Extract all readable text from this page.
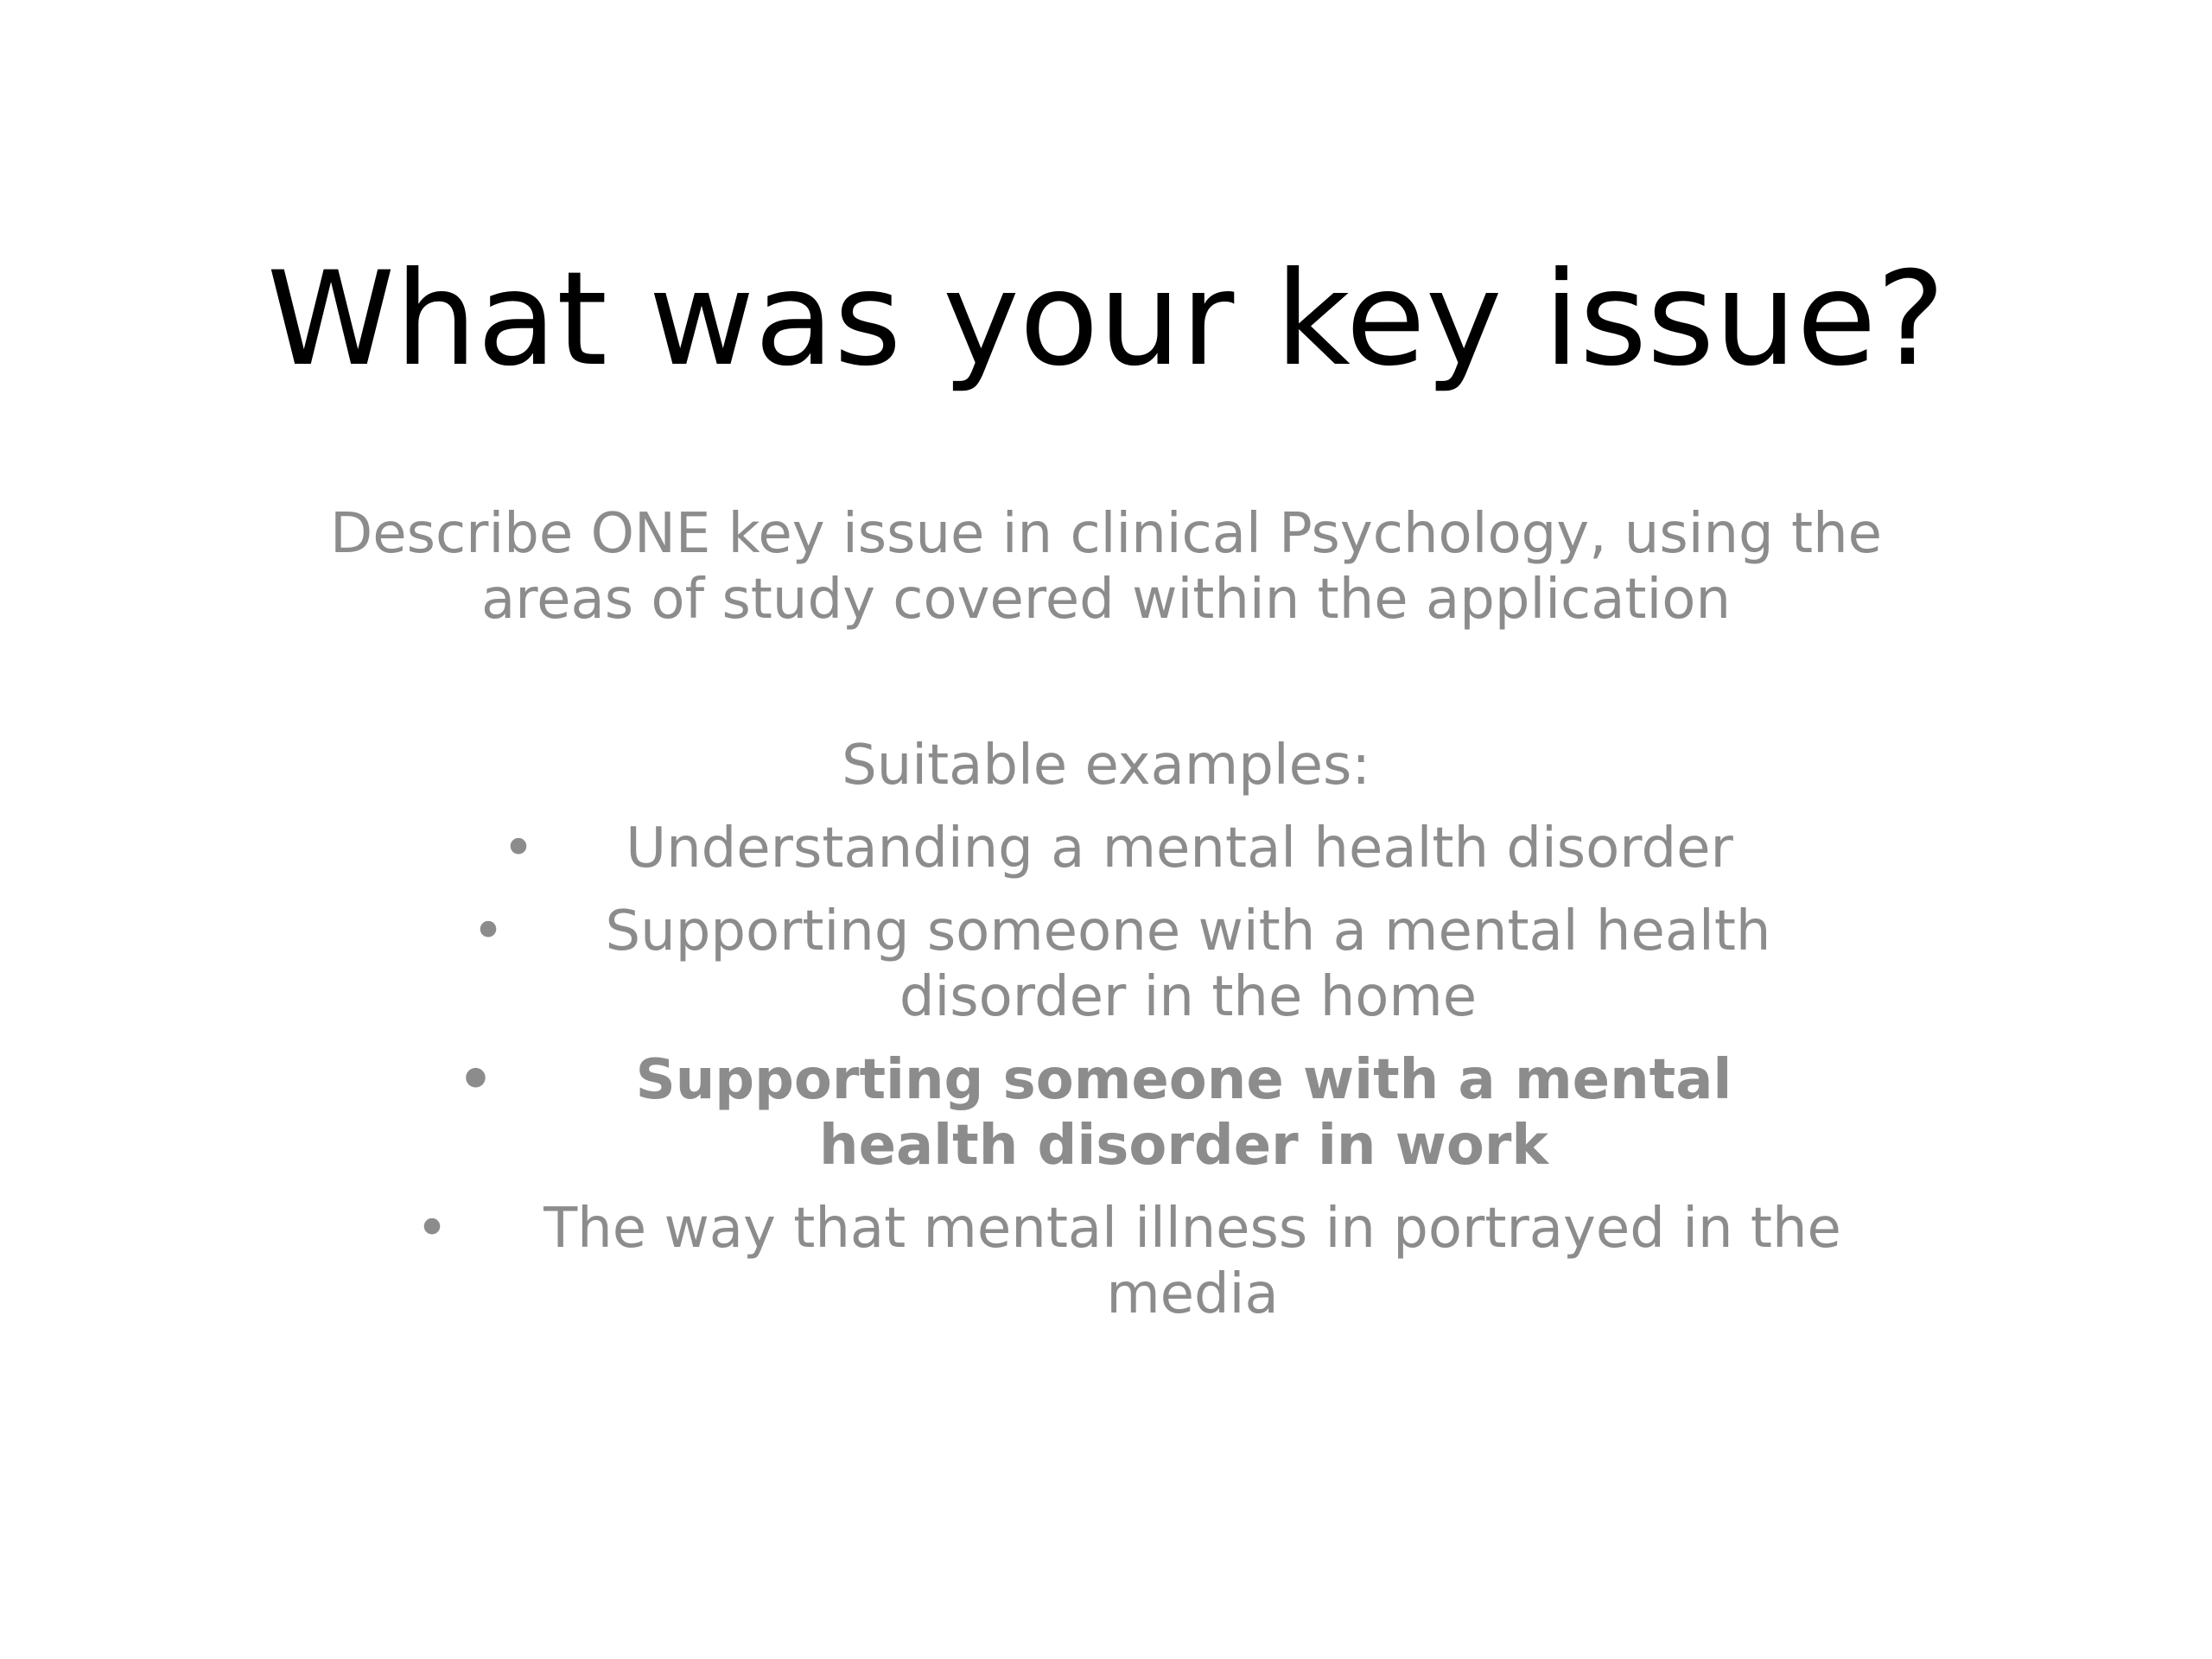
What was your key issue?

Describe ONE key issue in clinical Psychology, using the areas of study covered within the application

Suitable examples:

•	Understanding a mental health disorder
•	Supporting someone with a mental health disorder in the home
•	Supporting someone with a mental health disorder in work
•	The way that mental illness in portrayed in the media
